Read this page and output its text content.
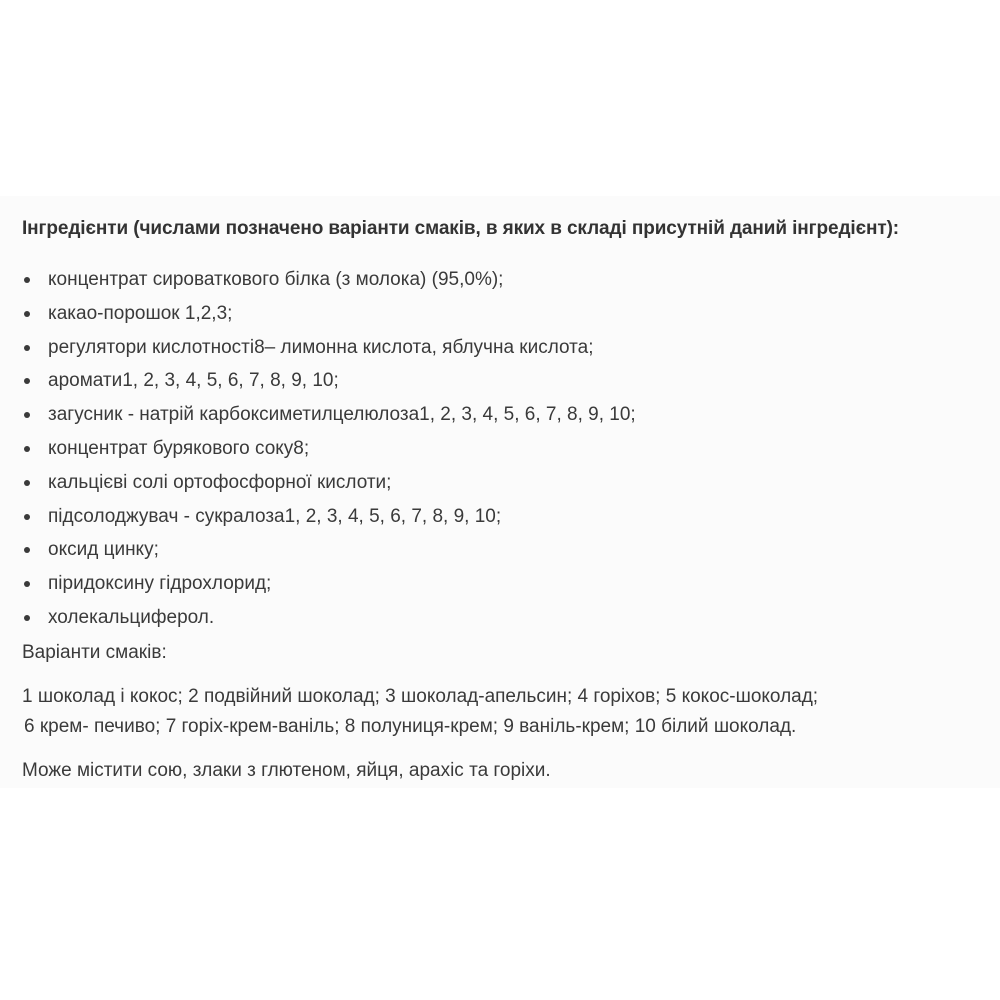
Інгредієнти (числами позначено варіанти смаків, в яких в складі присутній даний інгредієнт):
концентрат сироваткового білка (з молока) (95,0%);
какао-порошок 1,2,3;
регулятори кислотності8– лимонна кислота, яблучна кислота;
аромати1, 2, 3, 4, 5, 6, 7, 8, 9, 10;
загусник - натрій карбоксиметилцелюлоза1, 2, 3, 4, 5, 6, 7, 8, 9, 10;
концентрат бурякового соку8;
кальцієві солі ортофосфорної кислоти;
підсолоджувач - сукралоза1, 2, 3, 4, 5, 6, 7, 8, 9, 10;
оксид цинку;
піридоксину гідрохлорид;
холекальциферол.
Варіанти смаків:
1 шоколад і кокос; 2 подвійний шоколад; 3 шоколад-апельсин; 4 горіхов; 5 кокос-шоколад;
6 крем- печиво; 7 горіх-крем-ваніль; 8 полуниця-крем; 9 ваніль-крем; 10 білий шоколад.
Може містити сою, злаки з глютеном, яйця, арахіс та горіхи.
